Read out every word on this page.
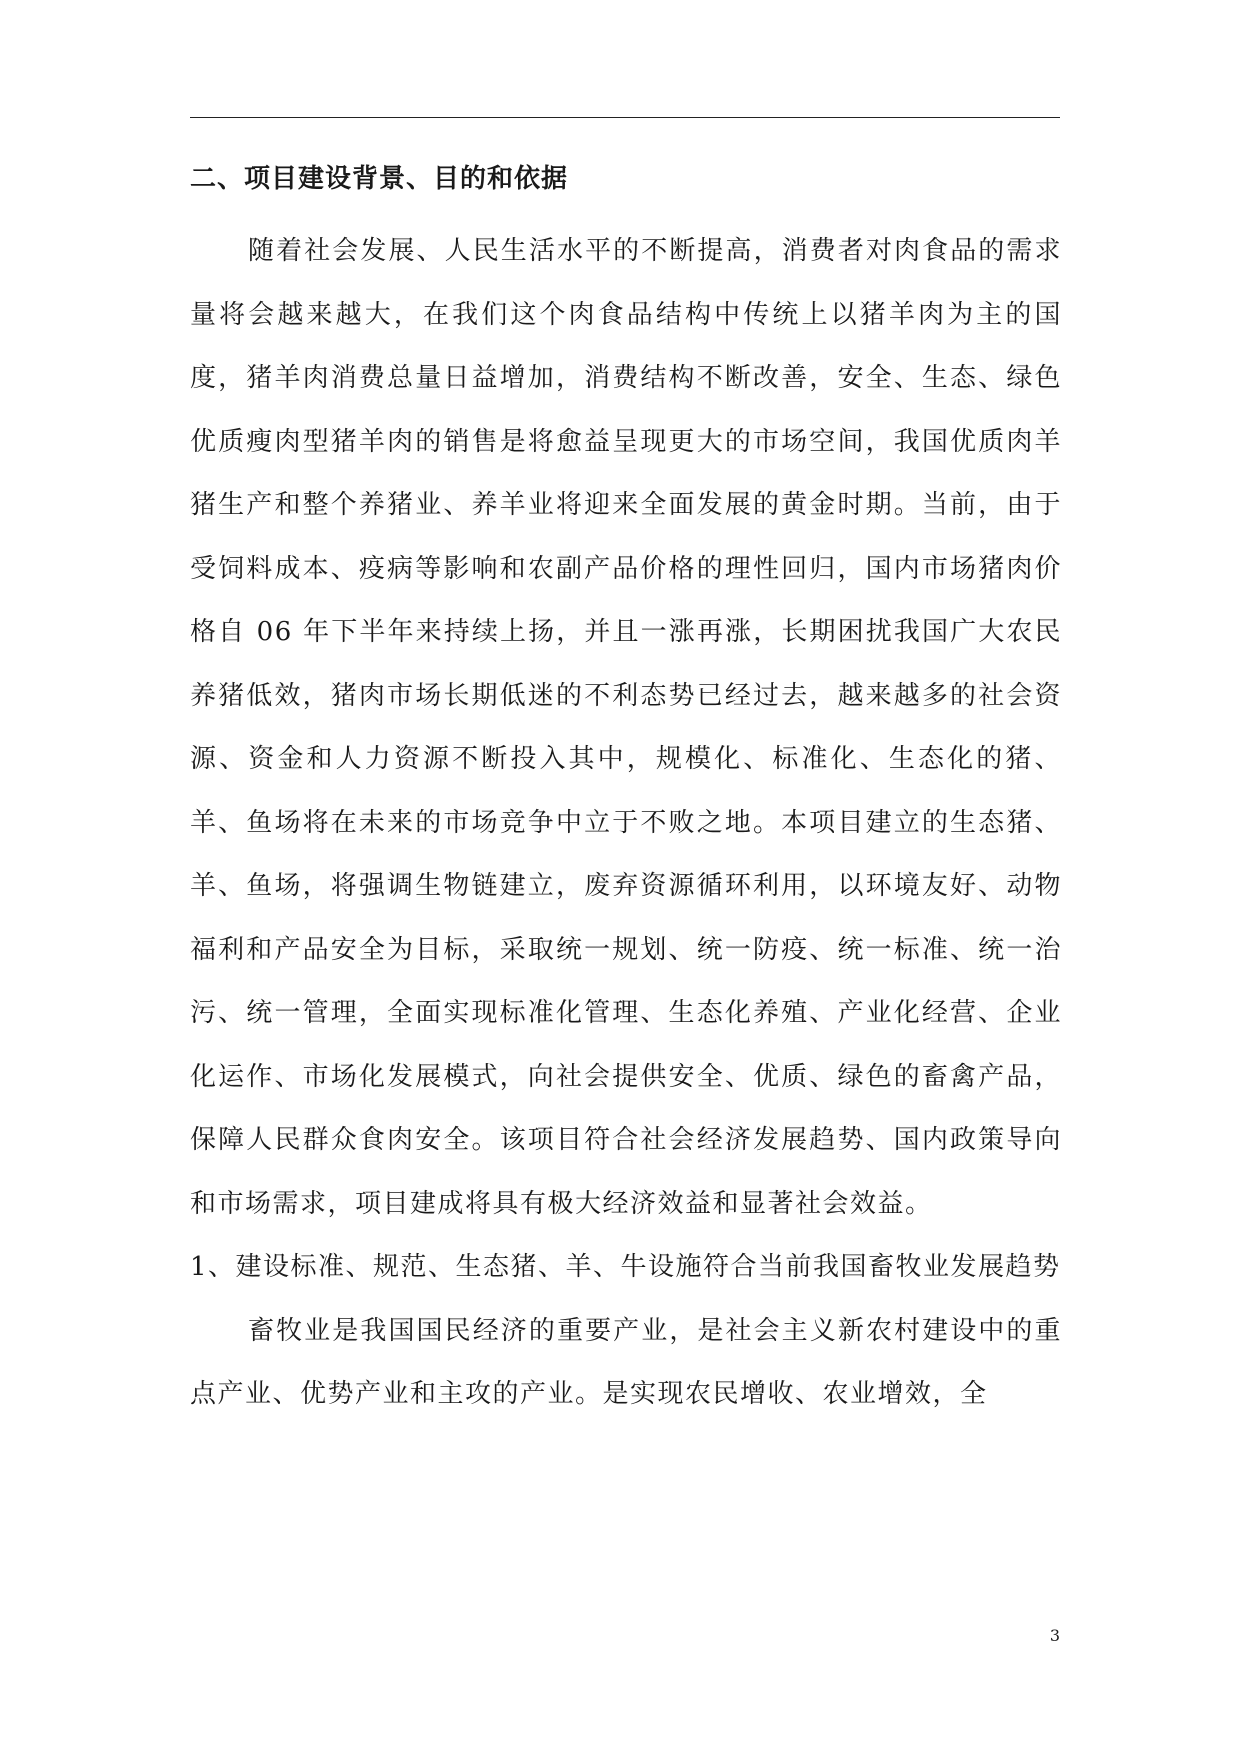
二、项目建设背景、目的和依据

随着社会发展、人民生活水平的不断提高，消费者对肉食品的需求量将会越来越大，在我们这个肉食品结构中传统上以猪羊肉为主的国度，猪羊肉消费总量日益增加，消费结构不断改善，安全、生态、绿色优质瘦肉型猪羊肉的销售是将愈益呈现更大的市场空间，我国优质肉羊猪生产和整个养猪业、养羊业将迎来全面发展的黄金时期。当前，由于受饲料成本、疫病等影响和农副产品价格的理性回归，国内市场猪肉价格自 06 年下半年来持续上扬，并且一涨再涨，长期困扰我国广大农民养猪低效，猪肉市场长期低迷的不利态势已经过去，越来越多的社会资源、资金和人力资源不断投入其中，规模化、标准化、生态化的猪、羊、鱼场将在未来的市场竞争中立于不败之地。本项目建立的生态猪、羊、鱼场，将强调生物链建立，废弃资源循环利用，以环境友好、动物福利和产品安全为目标，采取统一规划、统一防疫、统一标准、统一治污、统一管理，全面实现标准化管理、生态化养殖、产业化经营、企业化运作、市场化发展模式，向社会提供安全、优质、绿色的畜禽产品，保障人民群众食肉安全。该项目符合社会经济发展趋势、国内政策导向和市场需求，项目建成将具有极大经济效益和显著社会效益。

1、建设标准、规范、生态猪、羊、牛设施符合当前我国畜牧业发展趋势

畜牧业是我国国民经济的重要产业，是社会主义新农村建设中的重点产业、优势产业和主攻的产业。是实现农民增收、农业增效，全

3
